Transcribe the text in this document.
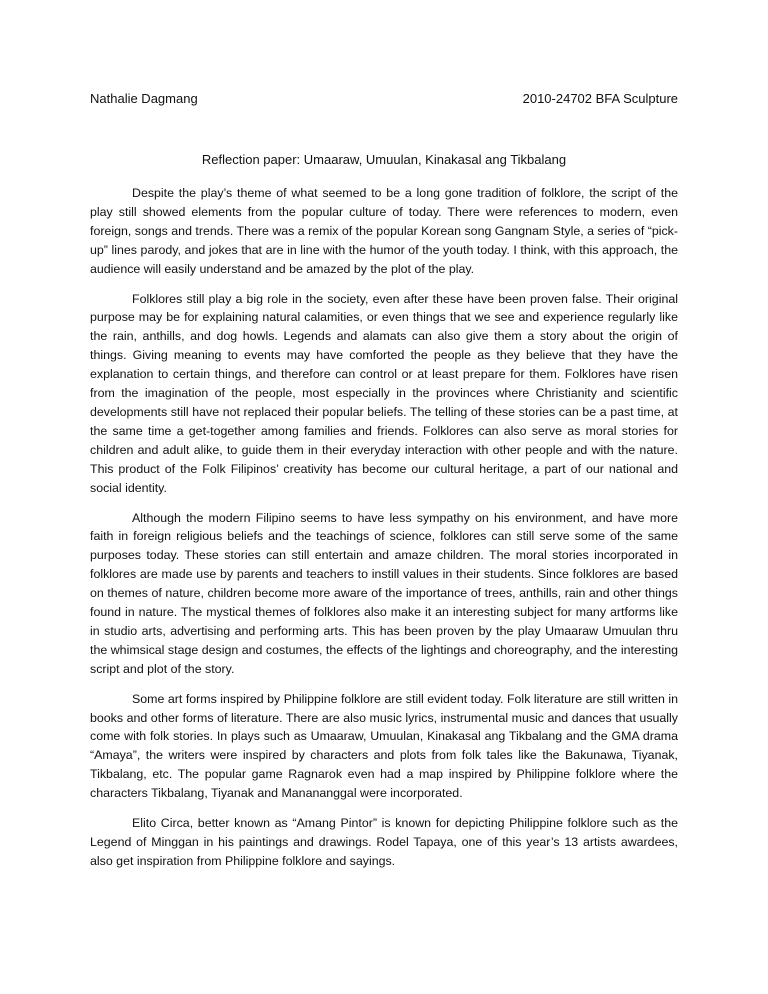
Nathalie Dagmang	2010-24702 BFA Sculpture
Reflection paper: Umaaraw, Umuulan, Kinakasal ang Tikbalang

Despite the play’s theme of what seemed to be a long gone tradition of folklore, the script of the play still showed elements from the popular culture of today. There were references to modern, even foreign, songs and trends. There was a remix of the popular Korean song Gangnam Style, a series of “pick-up” lines parody, and jokes that are in line with the humor of the youth today. I think, with this approach, the audience will easily understand and be amazed by the plot of the play.

Folklores still play a big role in the society, even after these have been proven false. Their original purpose may be for explaining natural calamities, or even things that we see and experience regularly like the rain, anthills, and dog howls. Legends and alamats can also give them a story about the origin of things. Giving meaning to events may have comforted the people as they believe that they have the explanation to certain things, and therefore can control or at least prepare for them. Folklores have risen from the imagination of the people, most especially in the provinces where Christianity and scientific developments still have not replaced their popular beliefs. The telling of these stories can be a past time, at the same time a get-together among families and friends. Folklores can also serve as moral stories for children and adult alike, to guide them in their everyday interaction with other people and with the nature. This product of the Folk Filipinos’ creativity has become our cultural heritage, a part of our national and social identity.

Although the modern Filipino seems to have less sympathy on his environment, and have more faith in foreign religious beliefs and the teachings of science, folklores can still serve some of the same purposes today. These stories can still entertain and amaze children. The moral stories incorporated in folklores are made use by parents and teachers to instill values in their students. Since folklores are based on themes of nature, children become more aware of the importance of trees, anthills, rain and other things found in nature. The mystical themes of folklores also make it an interesting subject for many artforms like in studio arts, advertising and performing arts. This has been proven by the play Umaaraw Umuulan thru the whimsical stage design and costumes, the effects of the lightings and choreography, and the interesting script and plot of the story.

Some art forms inspired by Philippine folklore are still evident today. Folk literature are still written in books and other forms of literature. There are also music lyrics, instrumental music and dances that usually come with folk stories. In plays such as Umaaraw, Umuulan, Kinakasal ang Tikbalang and the GMA drama “Amaya”, the writers were inspired by characters and plots from folk tales like the Bakunawa, Tiyanak, Tikbalang, etc. The popular game Ragnarok even had a map inspired by Philippine folklore where the characters Tikbalang, Tiyanak and Manananggal were incorporated.

Elito Circa, better known as “Amang Pintor” is known for depicting Philippine folklore such as the Legend of Minggan in his paintings and drawings. Rodel Tapaya, one of this year’s 13 artists awardees, also get inspiration from Philippine folklore and sayings.
